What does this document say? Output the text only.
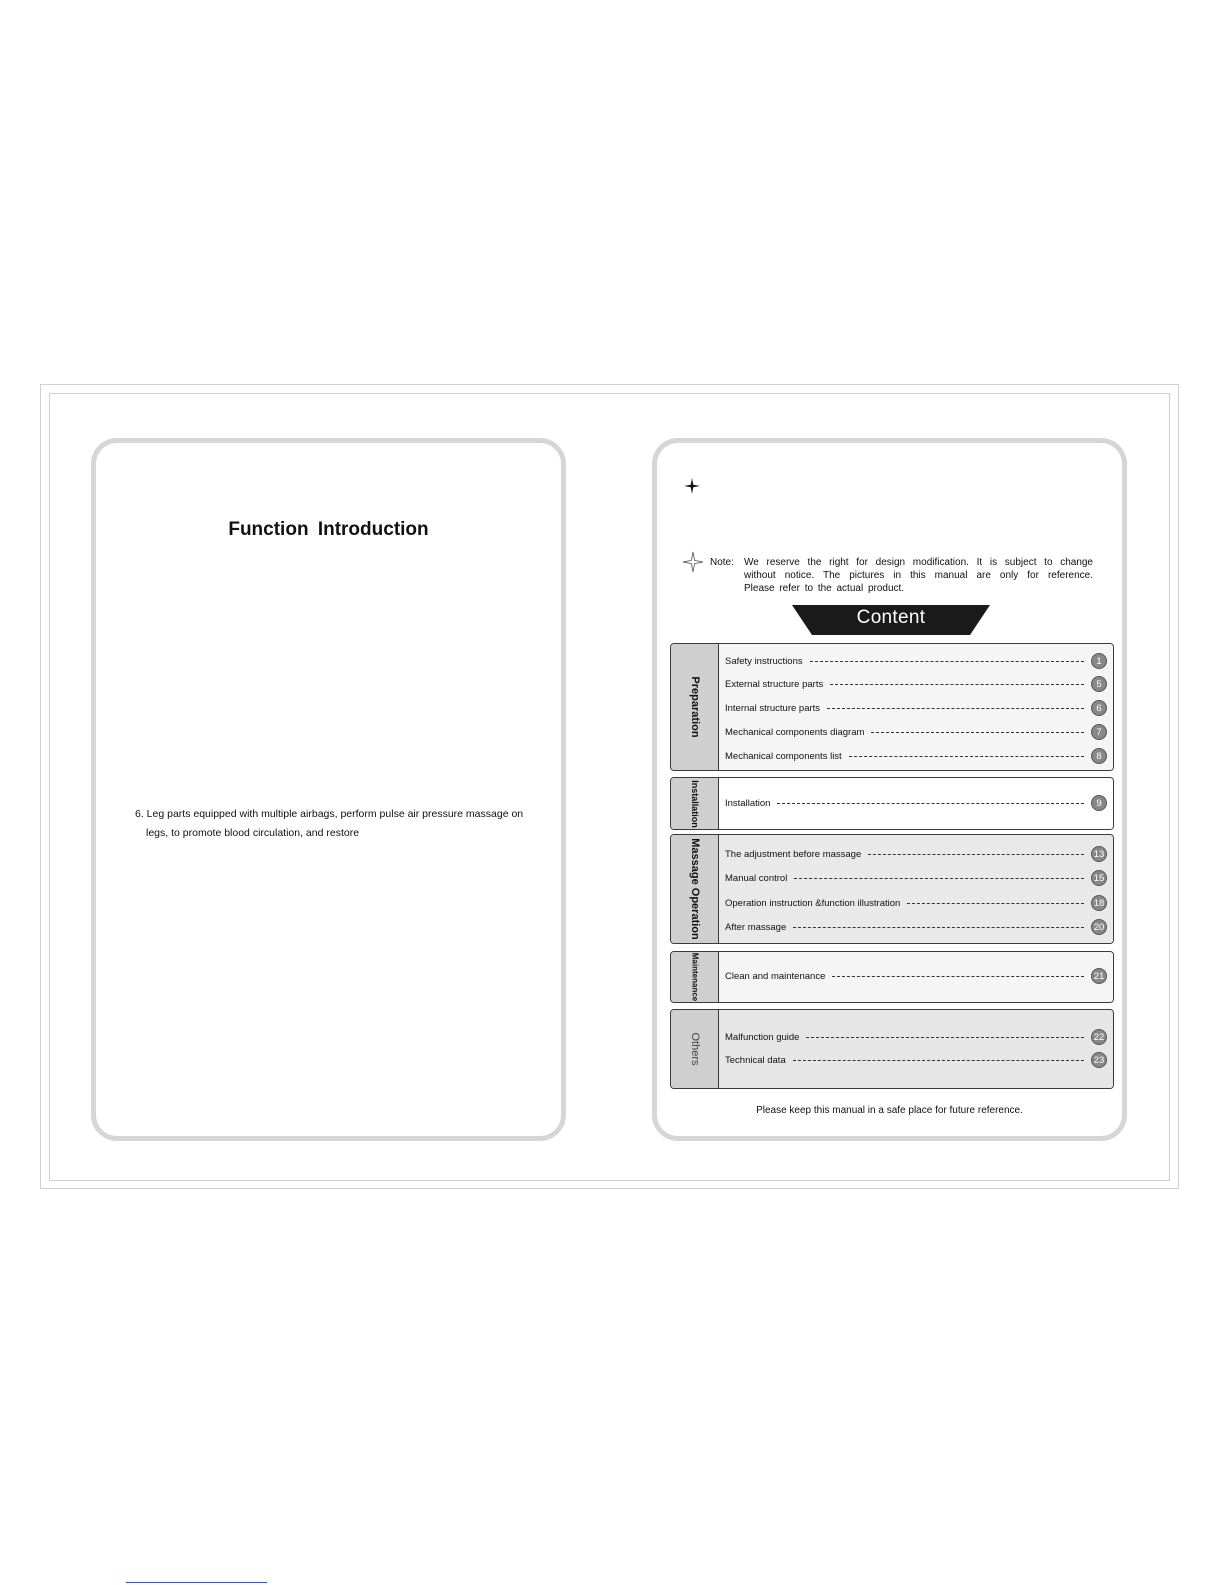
Function Introduction
6. Leg parts equipped with multiple airbags, perform pulse air pressure massage on
legs, to promote blood circulation, and restore
Note:	We reserve the right for design modification. It is subject to change
without notice. The pictures in this manual are only for reference.
Please refer to the actual product.
Content
Preparation
Safety instructions	1
External structure parts	5
Internal structure parts	6
Mechanical components diagram	7
Mechanical components list	8
Installation	Installation	9
Massage Operation	The adjustment before massage	13
Manual control	15
Operation instruction &function illustration	18
After massage	20
Maintenance	Clean and maintenance	21
Others	Malfunction guide	22
Technical data	23
Please keep this manual in a safe place for future reference.
